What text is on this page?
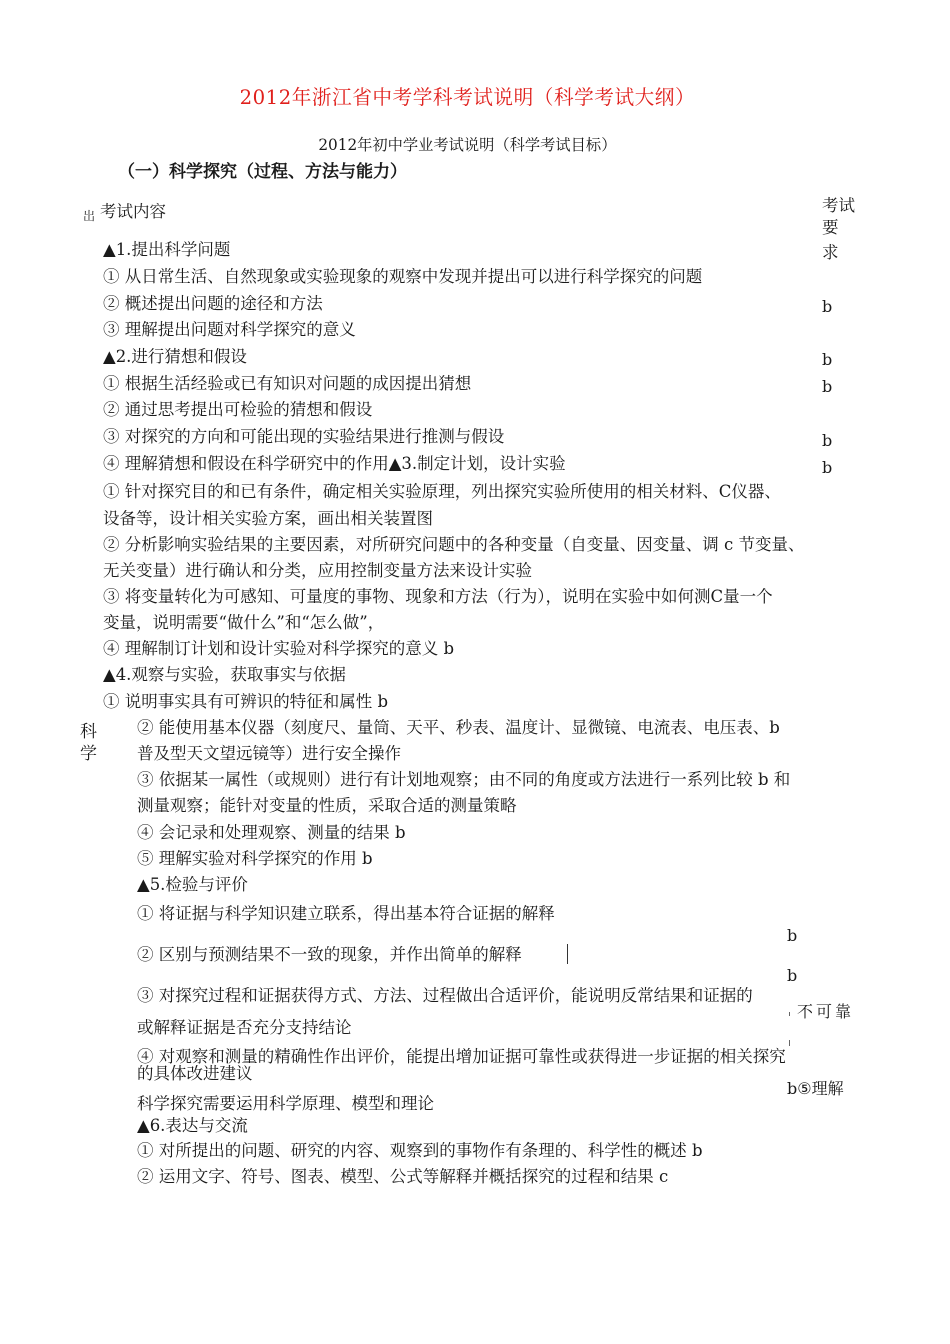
2012年浙江省中考学科考试说明（科学考试大纲）
2012年初中学业考试说明（科学考试目标）
（一）科学探究（过程、方法与能力）
岀 考试内容	考试
要
求
科
学
▲1.提出科学问题
① 从日常生活、自然现象或实验现象的观察中发现并提出可以进行科学探究的问题
② 概述提出问题的途径和方法
③ 理解提出问题对科学探究的意义
▲2.进行猜想和假设
① 根据生活经验或已有知识对问题的成因提出猜想
② 通过思考提出可检验的猜想和假设
③ 对探究的方向和可能出现的实验结果进行推测与假设
④ 理解猜想和假设在科学研究中的作用▲3.制定计划，设计实验
① 针对探究目的和已有条件，确定相关实验原理，列出探究实验所使用的相关材料、C仪器、
设备等，设计相关实验方案，画出相关装置图
② 分析影响实验结果的主要因素，对所研究问题中的各种变量（自变量、因变量、调 c 节变量、
无关变量）进行确认和分类，应用控制变量方法来设计实验
③ 将变量转化为可感知、可量度的事物、现象和方法（行为），说明在实验中如何测C量一个
变量，说明需要“做什么”和“怎么做”，
④ 理解制订计划和设计实验对科学探究的意义 b
▲4.观察与实验，获取事实与依据
① 说明事实具有可辨识的特征和属性 b
② 能使用基本仪器（刻度尺、量筒、天平、秒表、温度计、显微镜、电流表、电压表、b
普及型天文望远镜等）进行安全操作
③ 依据某一属性（或规则）进行有计划地观察；由不同的角度或方法进行一系列比较 b 和
测量观察；能针对变量的性质，采取合适的测量策略
④ 会记录和处理观察、测量的结果 b
⑤ 理解实验对科学探究的作用 b
▲5.检验与评价
① 将证据与科学知识建立联系，得出基本符合证据的解释
② 区别与预测结果不一致的现象，并作出简单的解释
③ 对探究过程和证据获得方式、方法、过程做出合适评价，能说明反常结果和证据的
或解释证据是否充分支持结论
④ 对观察和测量的精确性作出评价，能提出增加证据可靠性或获得进一步证据的相关探究
的具体改进建议
科学探究需要运用科学原理、模型和理论
▲6.表达与交流
① 对所提出的问题、研究的内容、观察到的事物作有条理的、科学性的概述 b
② 运用文字、符号、图表、模型、公式等解释并概括探究的过程和结果 c
b
b
b
b
b
b
b
不可靠
b⑤理解
